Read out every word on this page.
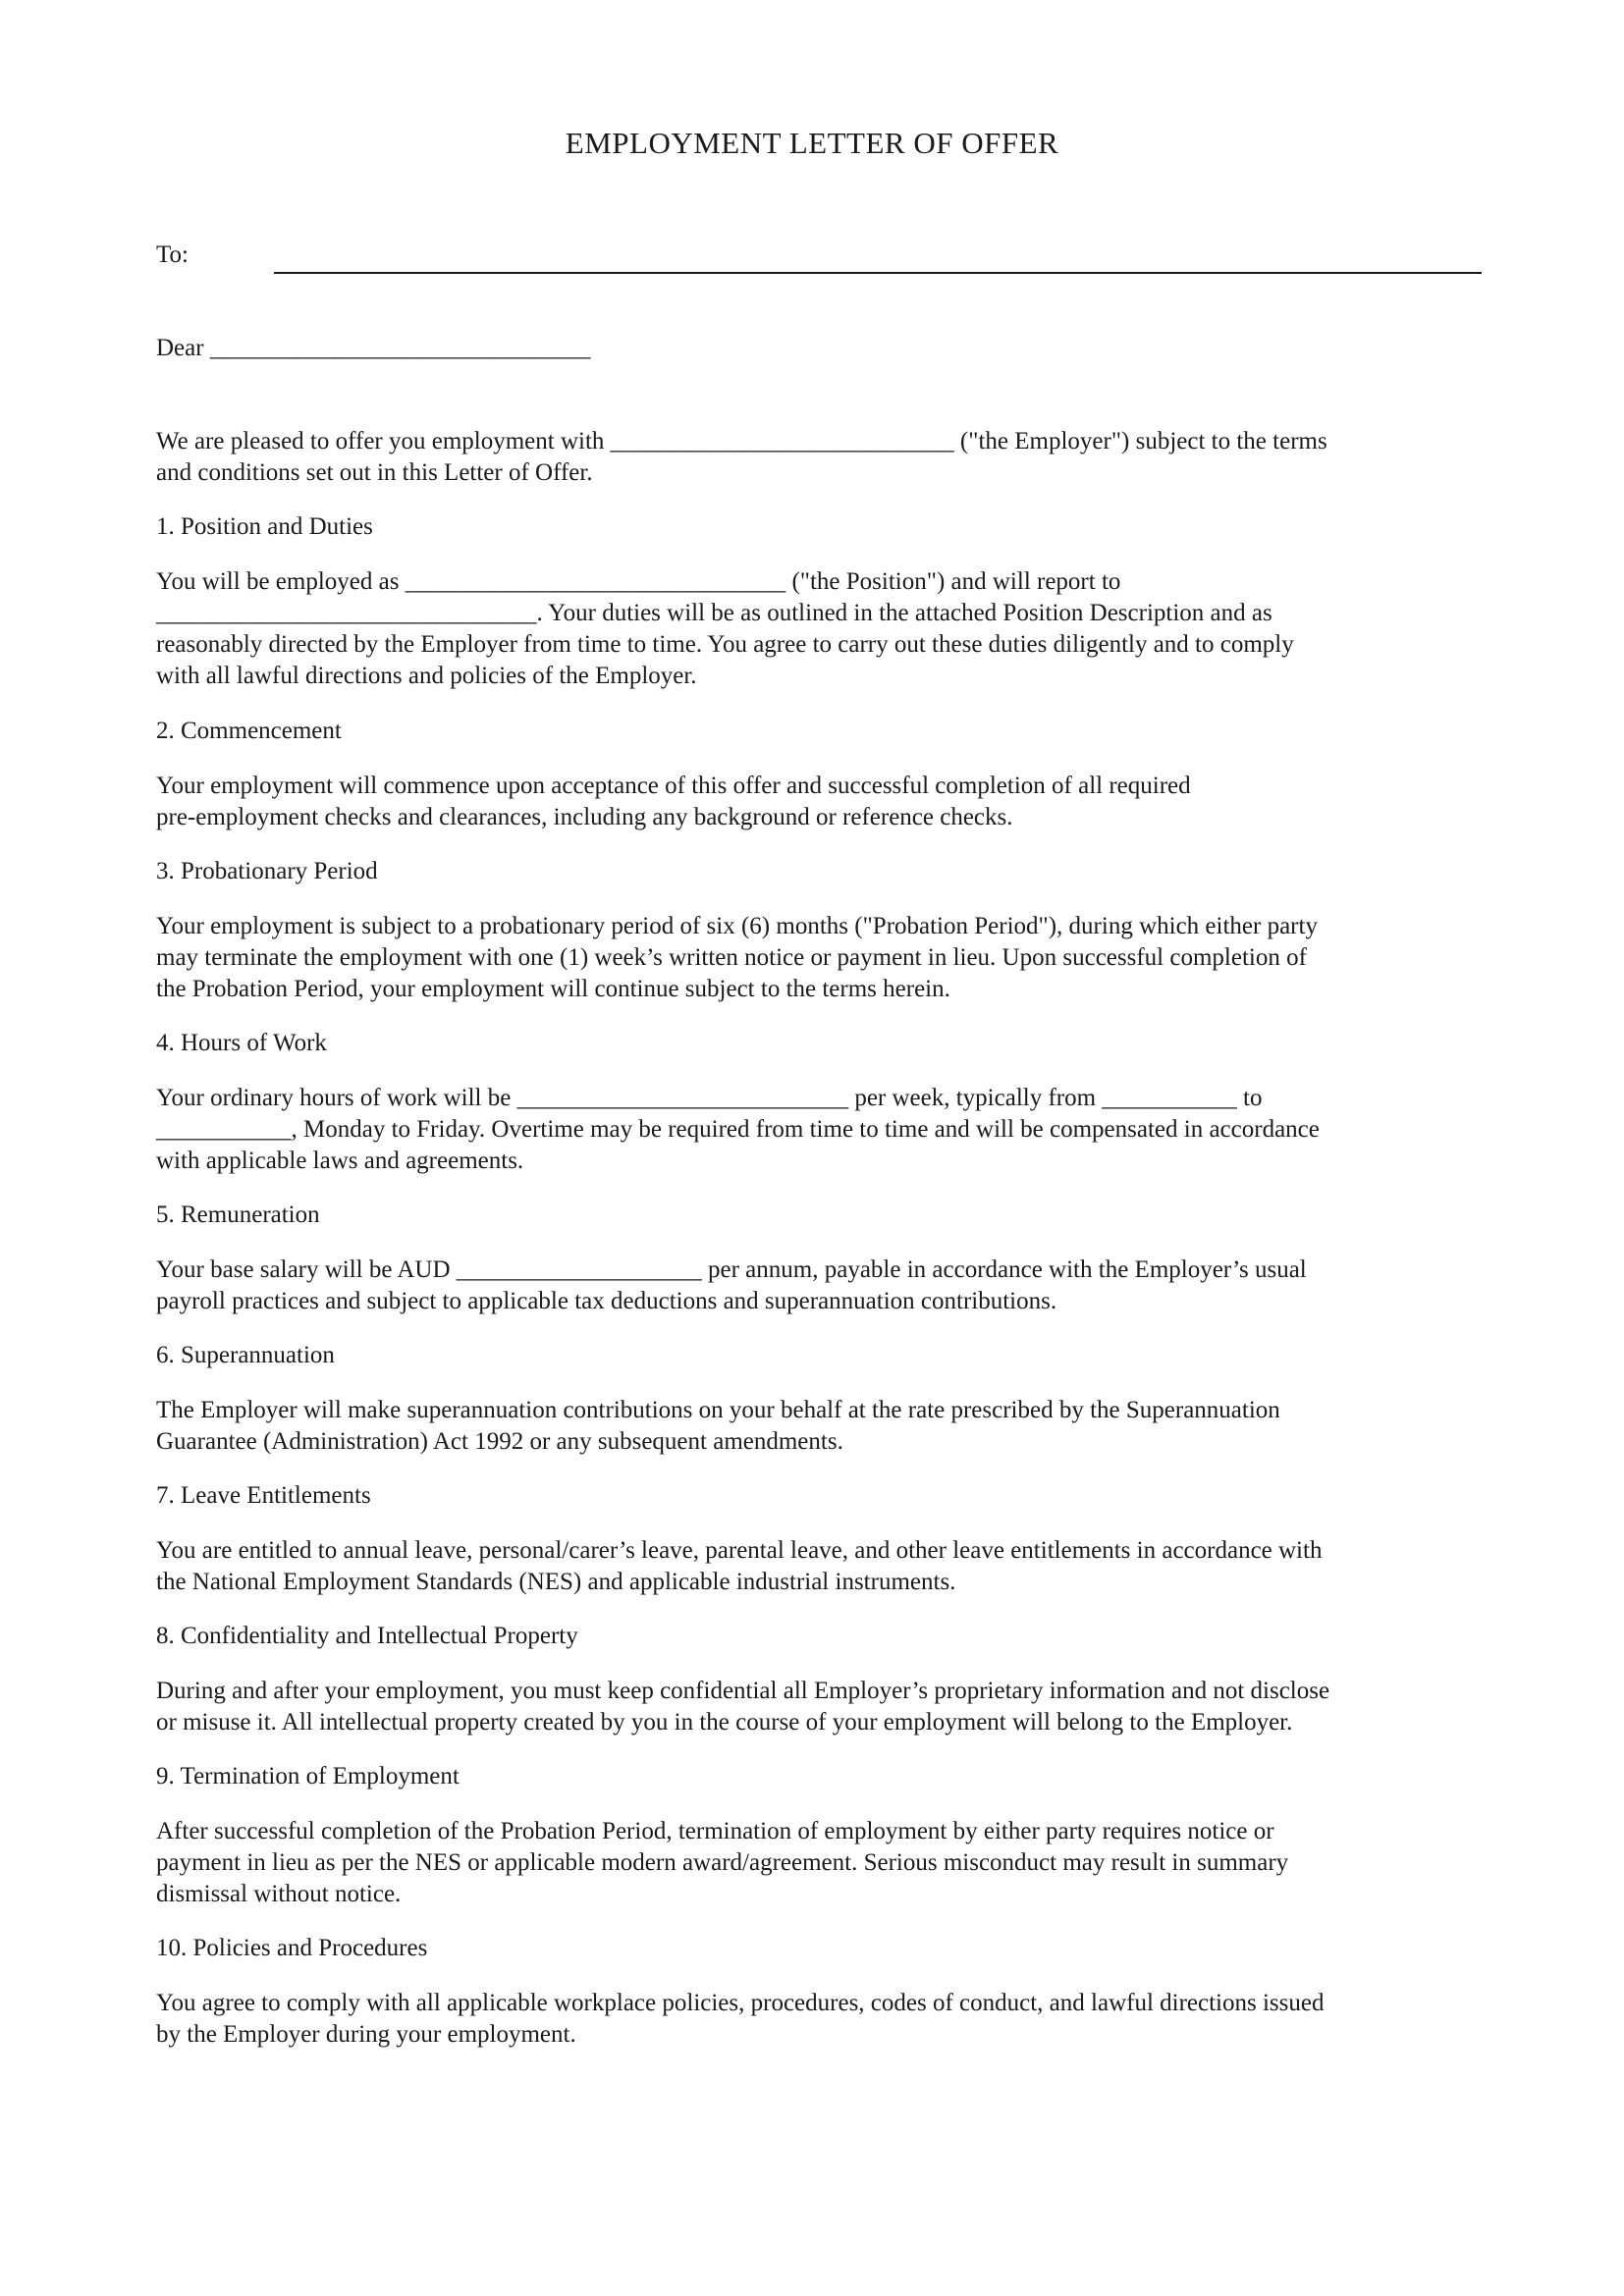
EMPLOYMENT LETTER OF OFFER
To:

Dear _______________________________

We are pleased to offer you employment with ____________________________ ("the Employer") subject to the terms
and conditions set out in this Letter of Offer.

1. Position and Duties

You will be employed as _______________________________ ("the Position") and will report to
_______________________________. Your duties will be as outlined in the attached Position Description and as
reasonably directed by the Employer from time to time. You agree to carry out these duties diligently and to comply
with all lawful directions and policies of the Employer.

2. Commencement

Your employment will commence upon acceptance of this offer and successful completion of all required
pre-employment checks and clearances, including any background or reference checks.

3. Probationary Period

Your employment is subject to a probationary period of six (6) months ("Probation Period"), during which either party
may terminate the employment with one (1) week’s written notice or payment in lieu. Upon successful completion of
the Probation Period, your employment will continue subject to the terms herein.

4. Hours of Work

Your ordinary hours of work will be ___________________________ per week, typically from ___________ to
___________, Monday to Friday. Overtime may be required from time to time and will be compensated in accordance
with applicable laws and agreements.

5. Remuneration

Your base salary will be AUD ____________________ per annum, payable in accordance with the Employer’s usual
payroll practices and subject to applicable tax deductions and superannuation contributions.

6. Superannuation

The Employer will make superannuation contributions on your behalf at the rate prescribed by the Superannuation
Guarantee (Administration) Act 1992 or any subsequent amendments.

7. Leave Entitlements

You are entitled to annual leave, personal/carer’s leave, parental leave, and other leave entitlements in accordance with
the National Employment Standards (NES) and applicable industrial instruments.

8. Confidentiality and Intellectual Property

During and after your employment, you must keep confidential all Employer’s proprietary information and not disclose
or misuse it. All intellectual property created by you in the course of your employment will belong to the Employer.

9. Termination of Employment

After successful completion of the Probation Period, termination of employment by either party requires notice or
payment in lieu as per the NES or applicable modern award/agreement. Serious misconduct may result in summary
dismissal without notice.

10. Policies and Procedures

You agree to comply with all applicable workplace policies, procedures, codes of conduct, and lawful directions issued
by the Employer during your employment.
